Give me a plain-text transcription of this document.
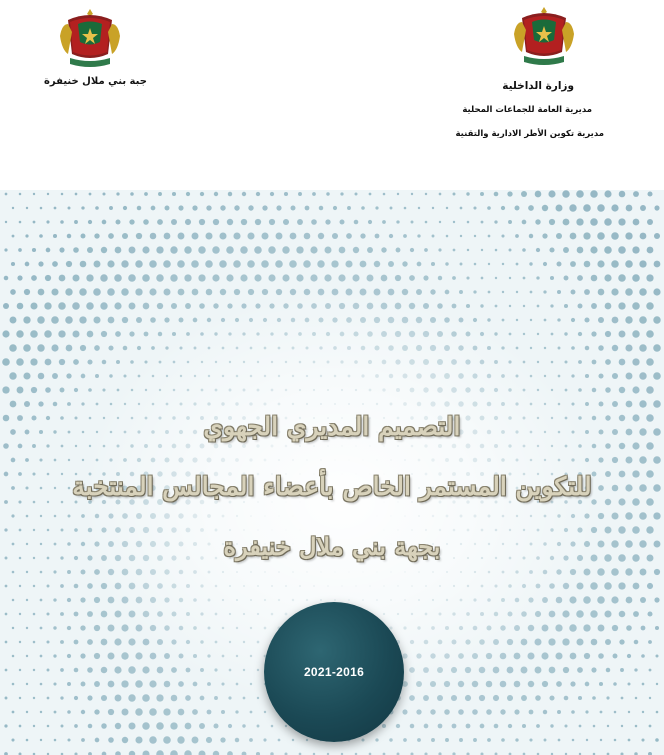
جبة بني ملال خنيفرة	وزارة الداخلية
مديرية العامة للجماعات المحلية
مديرية تكوين الأطر الادارية والتقنية
التصميم المديري الجهوي
للتكوين المستمر الخاص بأعضاء المجالس المنتخبة
بجهة بني ملال خنيفرة
2021-2016
